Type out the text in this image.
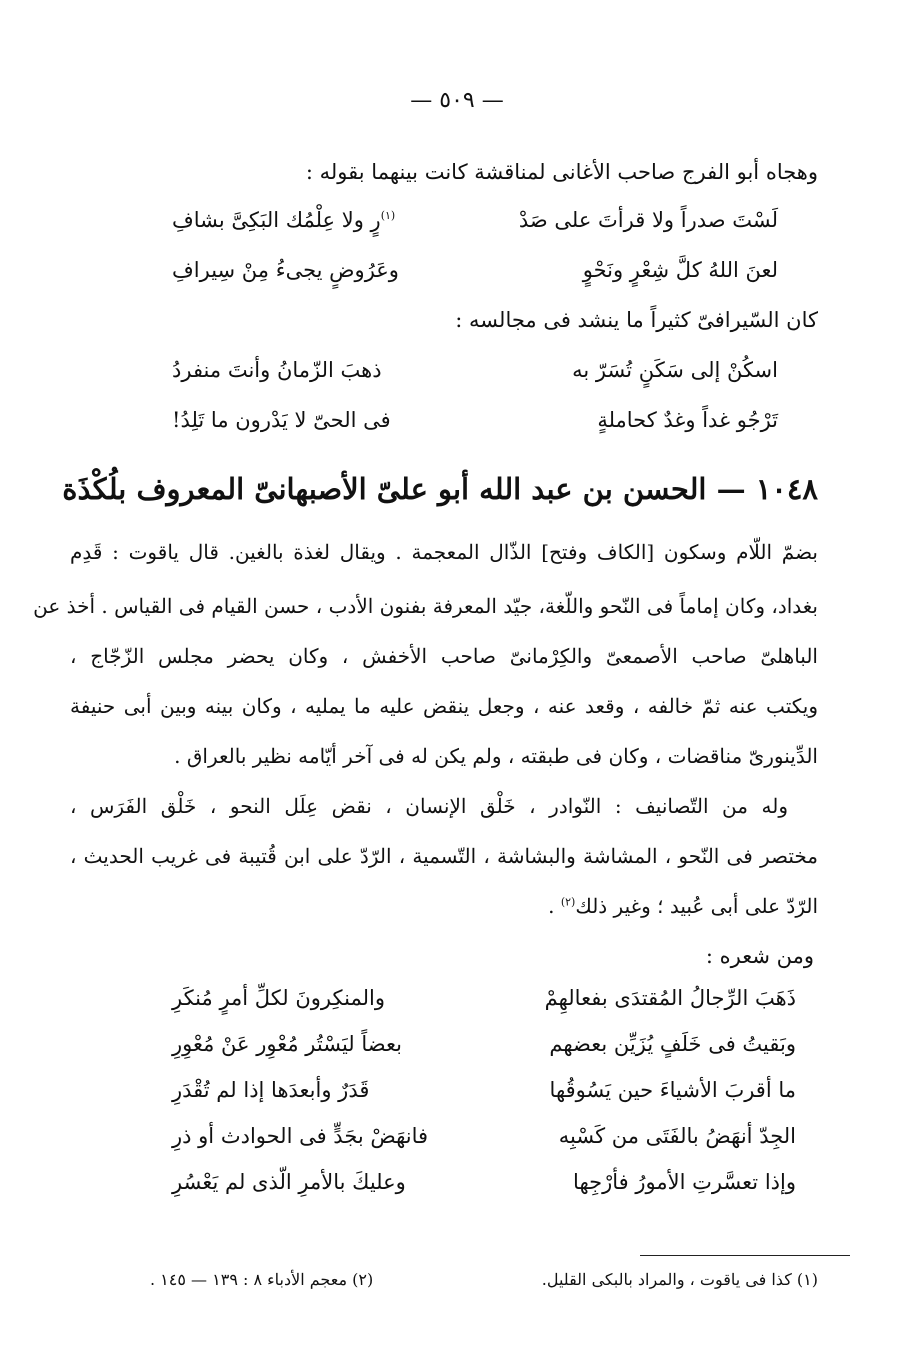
— ٥٠٩ —
وهجاه أبو الفرج صاحب الأغانى لمناقشة كانت بينهما بقوله :
لَسْتَ صدراً ولا قرأتَ على صَدْ
$^{(١)}$رٍ ولا عِلْمُك البَكِىَّ بشافِ
لعنَ اللهُ كلَّ شِعْرٍ ونَحْوٍ
وعَرُوضٍ يجىءُ مِنْ سِيرافِ
كان السّيرافىّ كثيراً ما ينشد فى مجالسه :
اسكُنْ إلى سَكَنٍ تُسَرّ به
ذهبَ الزّمانُ وأنتَ منفردُ
تَرْجُو غداً وغدٌ كحاملةٍ
فى الحىّ لا يَدْرون ما تَلِدُ!
١٠٤٨ — الحسن بن عبد الله أبو علىّ الأصبهانىّ المعروف بلُكْذَة
بضمّ اللّام وسكون [الكاف وفتح] الذّال المعجمة . ويقال لغذة بالغين. قال ياقوت : قَدِم
بغداد، وكان إماماً فى النّحو واللّغة، جيّد المعرفة بفنون الأدب ، حسن القيام فى القياس . أخذ عن
الباهلىّ صاحب الأصمعىّ والكِرْمانىّ صاحب الأخفش ، وكان يحضر مجلس الزّجّاج ،
ويكتب عنه ثمّ خالفه ، وقعد عنه ، وجعل ينقض عليه ما يمليه ، وكان بينه وبين أبى حنيفة
الدِّينورىّ مناقضات ، وكان فى طبقته ، ولم يكن له فى آخر أيّامه نظير بالعراق .
وله من التّصانيف : النّوادر ، خَلْق الإنسان ، نقض عِلَل النحو ، خَلْق الفَرَس ،
مختصر فى النّحو ، المشاشة والبشاشة ، التّسمية ، الرّدّ على ابن قُتيبة فى غريب الحديث ،
الرّدّ على أبى عُبيد ؛ وغير ذلك$^{(٢)}$ .
ومن شعره :
ذَهَبَ الرِّجالُ المُقتدَى بفعالهِمْ
والمنكِرونَ لكلِّ أمرٍ مُنكَرِ
وبَقيتُ فى خَلَفٍ يُزَيِّن بعضهم
بعضاً ليَسْتُر مُعْوِر عَنْ مُعْوِرِ
ما أقربَ الأشياءَ حين يَسُوقُها
قَدَرٌ وأبعدَها إذا لم تُقْدَرِ
الجِدّ أنهَضُ بالفَتَى من كَسْبِه
فانهَضْ بجَدٍّ فى الحوادث أو ذرِ
وإذا تعسَّرتِ الأمورُ فأرْجِها
وعليكَ بالأمرِ الّذى لم يَعْسُرِ
(١) كذا فى ياقوت ، والمراد بالبكى القليل.
(٢) معجم الأدباء ٨ : ١٣٩ — ١٤٥ .
